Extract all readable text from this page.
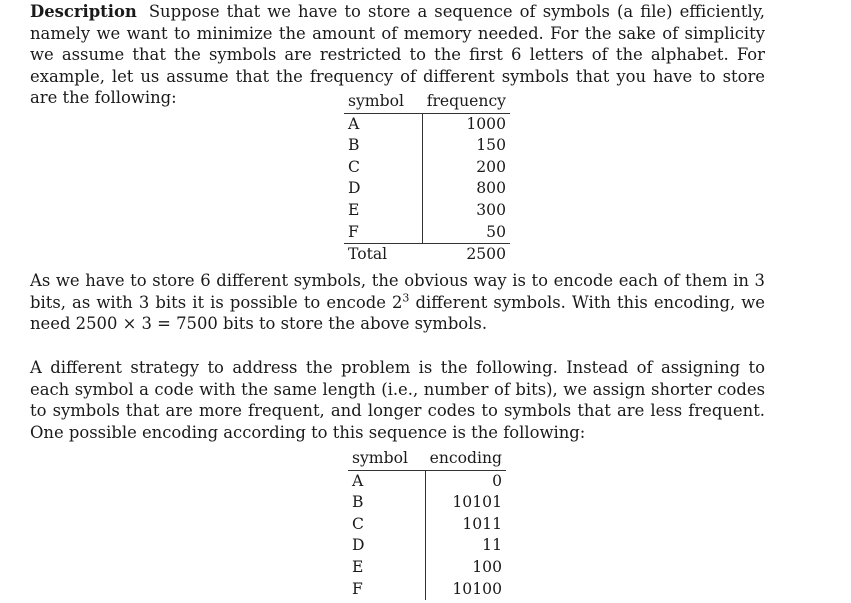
Description Suppose that we have to store a sequence of symbols (a file) efficiently, namely we want to minimize the amount of memory needed. For the sake of simplicity we assume that the symbols are restricted to the first 6 letters of the alphabet. For example, let us assume that the frequency of different symbols that you have to store are the following:	symbol	frequency
A	1000
B	150
C	200
D	800
E	300
F	50
Total	2500

As we have to store 6 different symbols, the obvious way is to encode each of them in 3 bits, as with 3 bits it is possible to encode $2^3$ different symbols. With this encoding, we need 2500 × 3 = 7500 bits to store the above symbols.

A different strategy to address the problem is the following. Instead of assigning to each symbol a code with the same length (i.e., number of bits), we assign shorter codes to symbols that are more frequent, and longer codes to symbols that are less frequent. One possible encoding according to this sequence is the following:

symbol	encoding
A	0
B	10101
C	1011
D	11
E	100
F	10100
